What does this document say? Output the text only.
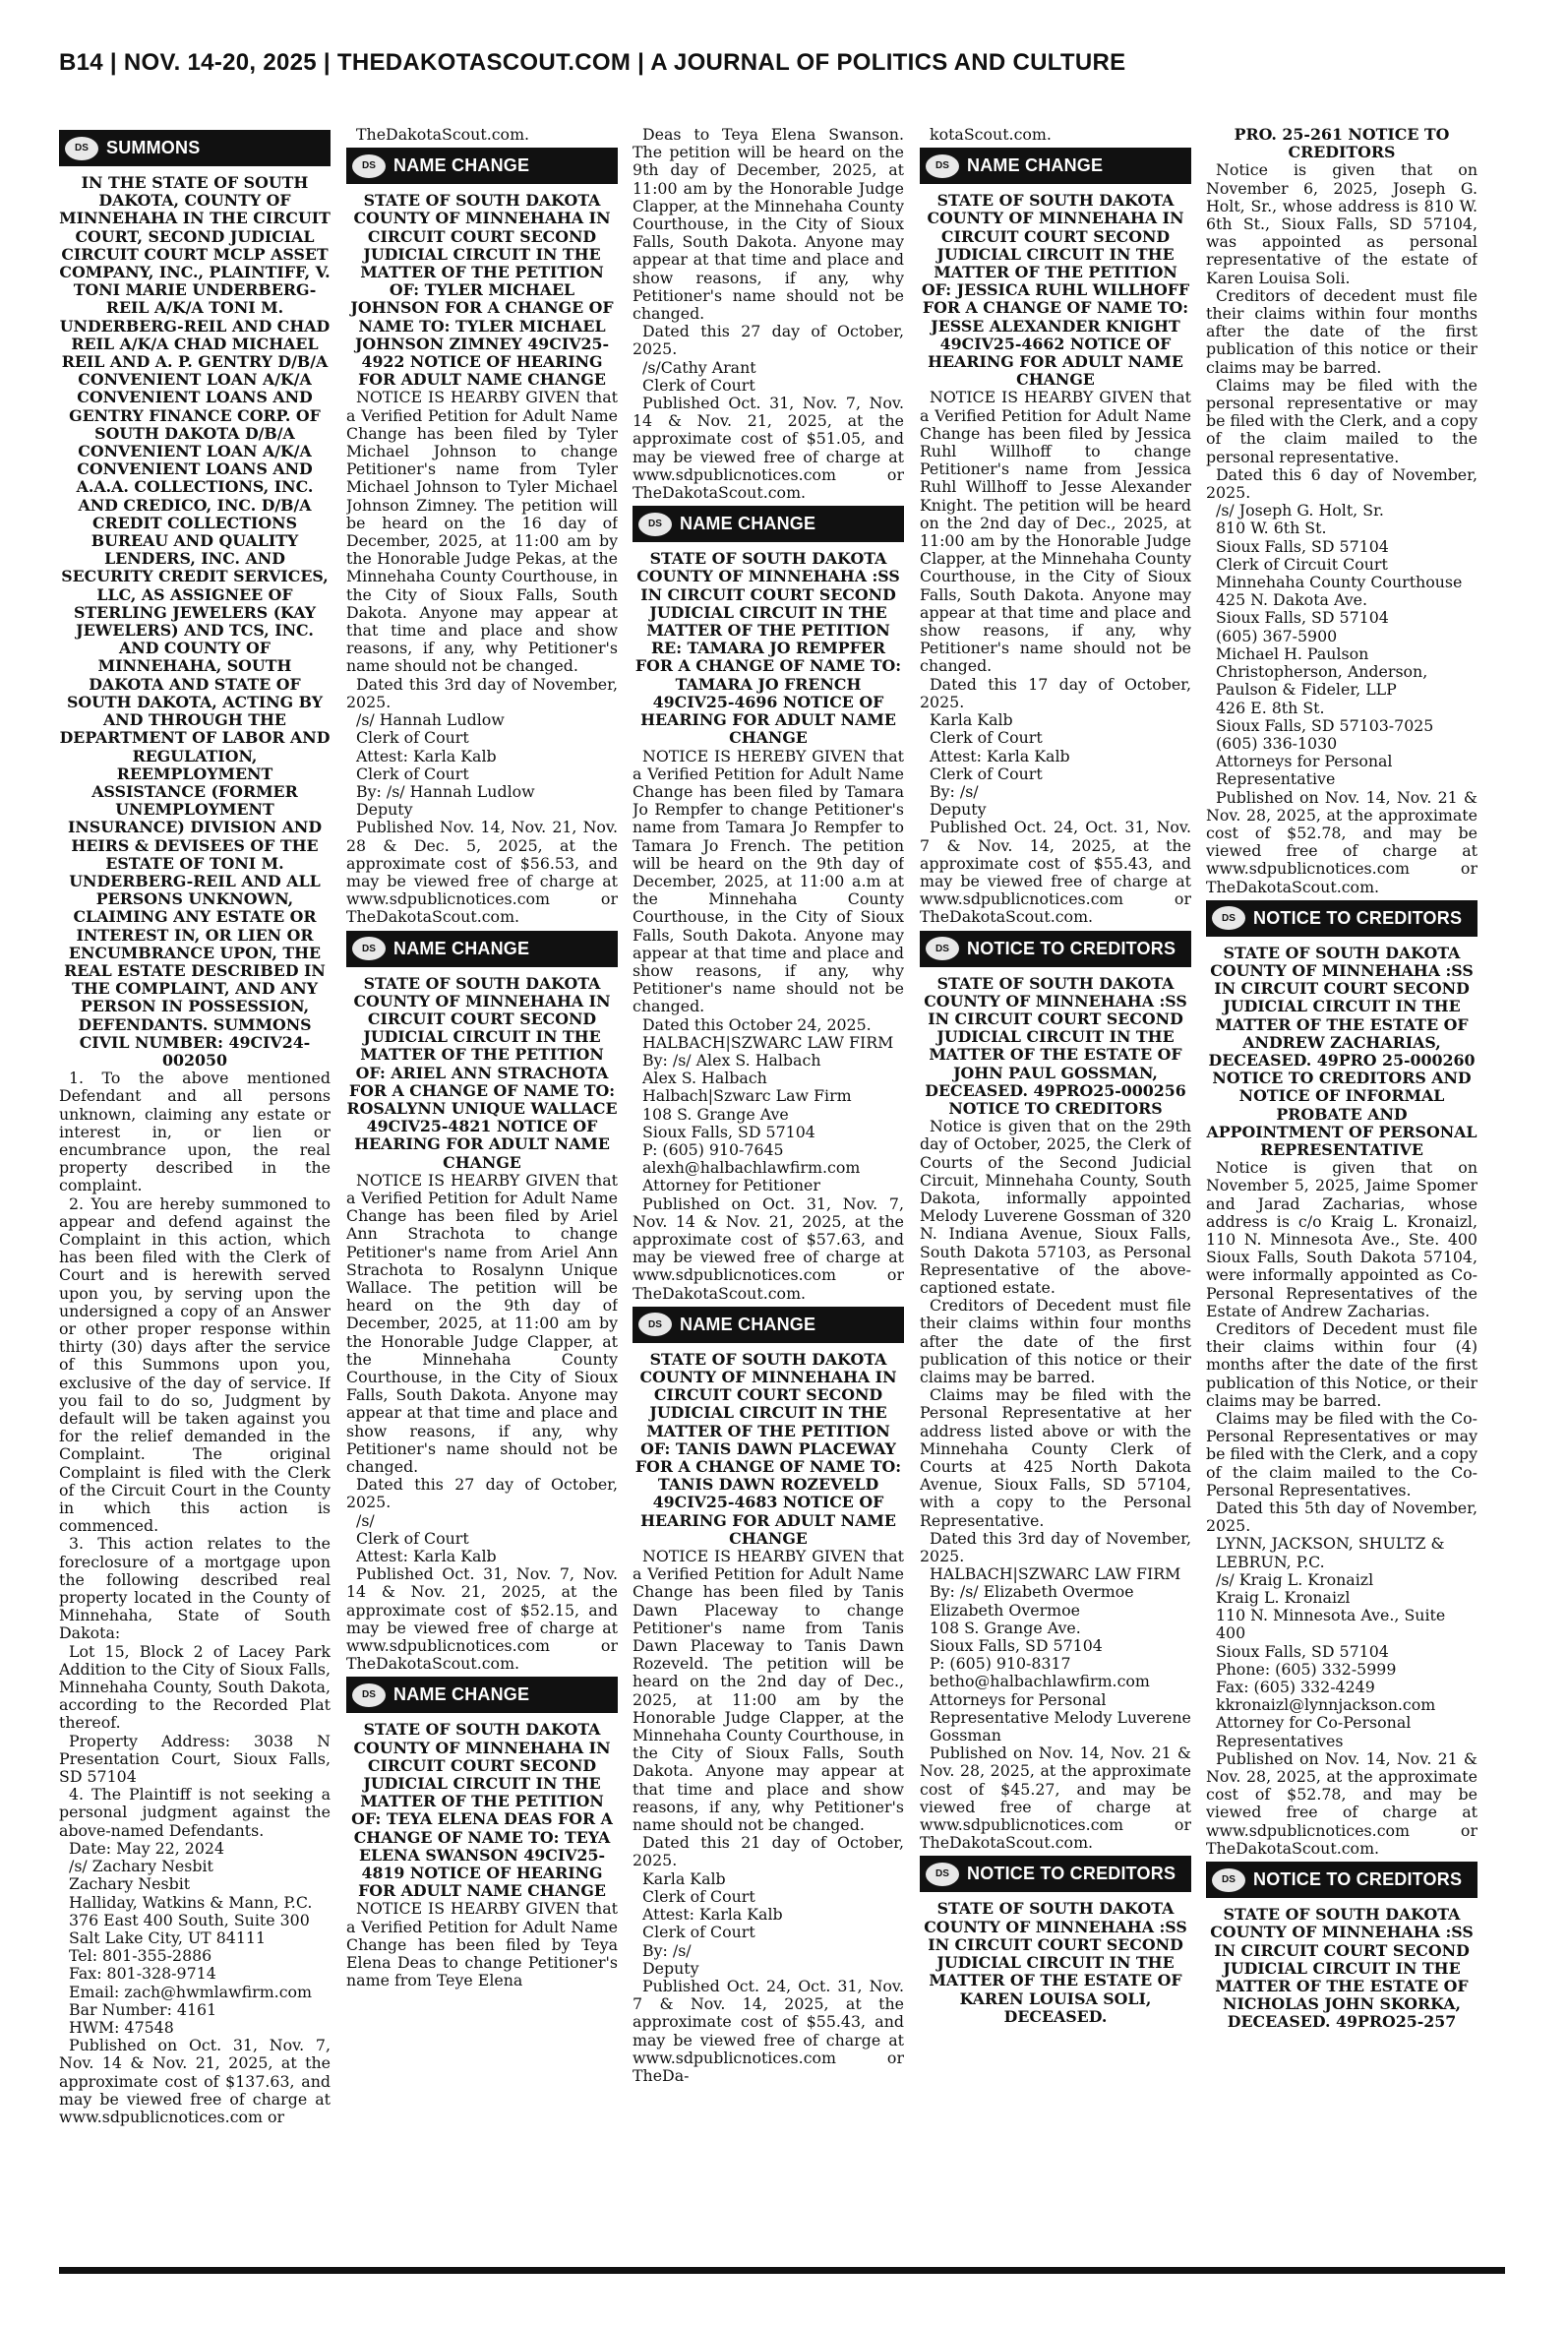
B14 | NOV. 14-20, 2025 | THEDAKOTASCOUT.COM | A JOURNAL OF POLITICS AND CULTURE
DS	SUMMONS
IN THE STATE OF SOUTH DAKOTA, COUNTY OF MINNEHAHA IN THE CIRCUIT COURT, SECOND JUDICIAL CIRCUIT COURT MCLP ASSET COMPANY, INC., PLAINTIFF, V. TONI MARIE UNDERBERG-REIL A/K/A TONI M. UNDERBERG-REIL AND CHAD REIL A/K/A CHAD MICHAEL REIL AND A. P. GENTRY D/B/A CONVENIENT LOAN A/K/A CONVENIENT LOANS AND GENTRY FINANCE CORP. OF SOUTH DAKOTA D/B/A CONVENIENT LOAN A/K/A CONVENIENT LOANS AND A.A.A. COLLECTIONS, INC. AND CREDICO, INC. D/B/A CREDIT COLLECTIONS BUREAU AND QUALITY LENDERS, INC. AND SECURITY CREDIT SERVICES, LLC, AS ASSIGNEE OF STERLING JEWELERS (KAY JEWELERS) AND TCS, INC. AND COUNTY OF MINNEHAHA, SOUTH DAKOTA AND STATE OF SOUTH DAKOTA, ACTING BY AND THROUGH THE DEPARTMENT OF LABOR AND REGULATION, REEMPLOYMENT ASSISTANCE (FORMER UNEMPLOYMENT INSURANCE) DIVISION AND HEIRS & DEVISEES OF THE ESTATE OF TONI M. UNDERBERG-REIL AND ALL PERSONS UNKNOWN, CLAIMING ANY ESTATE OR INTEREST IN, OR LIEN OR ENCUMBRANCE UPON, THE REAL ESTATE DESCRIBED IN THE COMPLAINT, AND ANY PERSON IN POSSESSION, DEFENDANTS. SUMMONS CIVIL NUMBER: 49CIV24-002050
1. To the above mentioned Defendant and all persons unknown, claiming any estate or interest in, or lien or encumbrance upon, the real property described in the complaint.
2. You are hereby summoned to appear and defend against the Complaint in this action, which has been filed with the Clerk of Court and is herewith served upon you, by serving upon the undersigned a copy of an Answer or other proper response within thirty (30) days after the service of this Summons upon you, exclusive of the day of service. If you fail to do so, Judgment by default will be taken against you for the relief demanded in the Complaint. The original Complaint is filed with the Clerk of the Circuit Court in the County in which this action is commenced.
3. This action relates to the foreclosure of a mortgage upon the following described real property located in the County of Minnehaha, State of South Dakota:
Lot 15, Block 2 of Lacey Park Addition to the City of Sioux Falls, Minnehaha County, South Dakota, according to the Recorded Plat thereof.
Property Address: 3038 N Presentation Court, Sioux Falls, SD 57104
4. The Plaintiff is not seeking a personal judgment against the above-named Defendants.
Date: May 22, 2024
/s/ Zachary Nesbit
Zachary Nesbit
Halliday, Watkins & Mann, P.C.
376 East 400 South, Suite 300
Salt Lake City, UT 84111
Tel: 801-355-2886
Fax: 801-328-9714
Email: zach@hwmlawfirm.com
Bar Number: 4161
HWM: 47548
Published on Oct. 31, Nov. 7, Nov. 14 & Nov. 21, 2025, at the approximate cost of $137.63, and may be viewed free of charge at www.sdpublicnotices.com or
TheDakotaScout.com.
DS	NAME CHANGE
STATE OF SOUTH DAKOTA COUNTY OF MINNEHAHA IN CIRCUIT COURT SECOND JUDICIAL CIRCUIT IN THE MATTER OF THE PETITION OF: TYLER MICHAEL JOHNSON FOR A CHANGE OF NAME TO: TYLER MICHAEL JOHNSON ZIMNEY 49CIV25-4922 NOTICE OF HEARING FOR ADULT NAME CHANGE
NOTICE IS HEARBY GIVEN that a Verified Petition for Adult Name Change has been filed by Tyler Michael Johnson to change Petitioner's name from Tyler Michael Johnson to Tyler Michael Johnson Zimney. The petition will be heard on the 16 day of December, 2025, at 11:00 am by the Honorable Judge Pekas, at the Minnehaha County Courthouse, in the City of Sioux Falls, South Dakota. Anyone may appear at that time and place and show reasons, if any, why Petitioner's name should not be changed.
Dated this 3rd day of November, 2025.
/s/ Hannah Ludlow
Clerk of Court
Attest: Karla Kalb
Clerk of Court
By: /s/ Hannah Ludlow
Deputy
Published Nov. 14, Nov. 21, Nov. 28 & Dec. 5, 2025, at the approximate cost of $56.53, and may be viewed free of charge at www.sdpublicnotices.com or TheDakotaScout.com.
DS	NAME CHANGE
STATE OF SOUTH DAKOTA COUNTY OF MINNEHAHA IN CIRCUIT COURT SECOND JUDICIAL CIRCUIT IN THE MATTER OF THE PETITION OF: ARIEL ANN STRACHOTA FOR A CHANGE OF NAME TO: ROSALYNN UNIQUE WALLACE 49CIV25-4821 NOTICE OF HEARING FOR ADULT NAME CHANGE
NOTICE IS HEARBY GIVEN that a Verified Petition for Adult Name Change has been filed by Ariel Ann Strachota to change Petitioner's name from Ariel Ann Strachota to Rosalynn Unique Wallace. The petition will be heard on the 9th day of December, 2025, at 11:00 am by the Honorable Judge Clapper, at the Minnehaha County Courthouse, in the City of Sioux Falls, South Dakota. Anyone may appear at that time and place and show reasons, if any, why Petitioner's name should not be changed.
Dated this 27 day of October, 2025.
/s/
Clerk of Court
Attest: Karla Kalb
Published Oct. 31, Nov. 7, Nov. 14 & Nov. 21, 2025, at the approximate cost of $52.15, and may be viewed free of charge at www.sdpublicnotices.com or TheDakotaScout.com.
DS	NAME CHANGE
STATE OF SOUTH DAKOTA COUNTY OF MINNEHAHA IN CIRCUIT COURT SECOND JUDICIAL CIRCUIT IN THE MATTER OF THE PETITION OF: TEYA ELENA DEAS FOR A CHANGE OF NAME TO: TEYA ELENA SWANSON 49CIV25-4819 NOTICE OF HEARING FOR ADULT NAME CHANGE
NOTICE IS HEARBY GIVEN that a Verified Petition for Adult Name Change has been filed by Teya Elena Deas to change Petitioner's name from Teye Elena
Deas to Teya Elena Swanson. The petition will be heard on the 9th day of December, 2025, at 11:00 am by the Honorable Judge Clapper, at the Minnehaha County Courthouse, in the City of Sioux Falls, South Dakota. Anyone may appear at that time and place and show reasons, if any, why Petitioner's name should not be changed.
Dated this 27 day of October, 2025.
/s/Cathy Arant
Clerk of Court
Published Oct. 31, Nov. 7, Nov. 14 & Nov. 21, 2025, at the approximate cost of $51.05, and may be viewed free of charge at www.sdpublicnotices.com or TheDakotaScout.com.
DS	NAME CHANGE
STATE OF SOUTH DAKOTA COUNTY OF MINNEHAHA :SS IN CIRCUIT COURT SECOND JUDICIAL CIRCUIT IN THE MATTER OF THE PETITION RE: TAMARA JO REMPFER FOR A CHANGE OF NAME TO: TAMARA JO FRENCH 49CIV25-4696 NOTICE OF HEARING FOR ADULT NAME CHANGE
NOTICE IS HEREBY GIVEN that a Verified Petition for Adult Name Change has been filed by Tamara Jo Rempfer to change Petitioner's name from Tamara Jo Rempfer to Tamara Jo French. The petition will be heard on the 9th day of December, 2025, at 11:00 a.m at the Minnehaha County Courthouse, in the City of Sioux Falls, South Dakota. Anyone may appear at that time and place and show reasons, if any, why Petitioner's name should not be changed.
Dated this October 24, 2025.
HALBACH|SZWARC LAW FIRM
By: /s/ Alex S. Halbach
Alex S. Halbach
Halbach|Szwarc Law Firm
108 S. Grange Ave
Sioux Falls, SD 57104
P: (605) 910-7645
alexh@halbachlawfirm.com
Attorney for Petitioner
Published on Oct. 31, Nov. 7, Nov. 14 & Nov. 21, 2025, at the approximate cost of $57.63, and may be viewed free of charge at www.sdpublicnotices.com or TheDakotaScout.com.
DS	NAME CHANGE
STATE OF SOUTH DAKOTA COUNTY OF MINNEHAHA IN CIRCUIT COURT SECOND JUDICIAL CIRCUIT IN THE MATTER OF THE PETITION OF: TANIS DAWN PLACEWAY FOR A CHANGE OF NAME TO: TANIS DAWN ROZEVELD 49CIV25-4683 NOTICE OF HEARING FOR ADULT NAME CHANGE
NOTICE IS HEARBY GIVEN that a Verified Petition for Adult Name Change has been filed by Tanis Dawn Placeway to change Petitioner's name from Tanis Dawn Placeway to Tanis Dawn Rozeveld. The petition will be heard on the 2nd day of Dec., 2025, at 11:00 am by the Honorable Judge Clapper, at the Minnehaha County Courthouse, in the City of Sioux Falls, South Dakota. Anyone may appear at that time and place and show reasons, if any, why Petitioner's name should not be changed.
Dated this 21 day of October, 2025.
Karla Kalb
Clerk of Court
Attest: Karla Kalb
Clerk of Court
By: /s/
Deputy
Published Oct. 24, Oct. 31, Nov. 7 & Nov. 14, 2025, at the approximate cost of $55.43, and may be viewed free of charge at www.sdpublicnotices.com or TheDa-
kotaScout.com.
DS	NAME CHANGE
STATE OF SOUTH DAKOTA COUNTY OF MINNEHAHA IN CIRCUIT COURT SECOND JUDICIAL CIRCUIT IN THE MATTER OF THE PETITION OF: JESSICA RUHL WILLHOFF FOR A CHANGE OF NAME TO: JESSE ALEXANDER KNIGHT 49CIV25-4662 NOTICE OF HEARING FOR ADULT NAME CHANGE
NOTICE IS HEARBY GIVEN that a Verified Petition for Adult Name Change has been filed by Jessica Ruhl Willhoff to change Petitioner's name from Jessica Ruhl Willhoff to Jesse Alexander Knight. The petition will be heard on the 2nd day of Dec., 2025, at 11:00 am by the Honorable Judge Clapper, at the Minnehaha County Courthouse, in the City of Sioux Falls, South Dakota. Anyone may appear at that time and place and show reasons, if any, why Petitioner's name should not be changed.
Dated this 17 day of October, 2025.
Karla Kalb
Clerk of Court
Attest: Karla Kalb
Clerk of Court
By: /s/
Deputy
Published Oct. 24, Oct. 31, Nov. 7 & Nov. 14, 2025, at the approximate cost of $55.43, and may be viewed free of charge at www.sdpublicnotices.com or TheDakotaScout.com.
DS	NOTICE TO CREDITORS
STATE OF SOUTH DAKOTA COUNTY OF MINNEHAHA :SS IN CIRCUIT COURT SECOND JUDICIAL CIRCUIT IN THE MATTER OF THE ESTATE OF JOHN PAUL GOSSMAN, DECEASED. 49PRO25-000256 NOTICE TO CREDITORS
Notice is given that on the 29th day of October, 2025, the Clerk of Courts of the Second Judicial Circuit, Minnehaha County, South Dakota, informally appointed Melody Luverene Gossman of 320 N. Indiana Avenue, Sioux Falls, South Dakota 57103, as Personal Representative of the above-captioned estate.
Creditors of Decedent must file their claims within four months after the date of the first publication of this notice or their claims may be barred.
Claims may be filed with the Personal Representative at her address listed above or with the Minnehaha County Clerk of Courts at 425 North Dakota Avenue, Sioux Falls, SD 57104, with a copy to the Personal Representative.
Dated this 3rd day of November, 2025.
HALBACH|SZWARC LAW FIRM
By: /s/ Elizabeth Overmoe
Elizabeth Overmoe
108 S. Grange Ave.
Sioux Falls, SD 57104
P: (605) 910-8317
betho@halbachlawfirm.com
Attorneys for Personal Representative Melody Luverene Gossman
Published on Nov. 14, Nov. 21 & Nov. 28, 2025, at the approximate cost of $45.27, and may be viewed free of charge at www.sdpublicnotices.com or TheDakotaScout.com.
DS	NOTICE TO CREDITORS
STATE OF SOUTH DAKOTA COUNTY OF MINNEHAHA :SS IN CIRCUIT COURT SECOND JUDICIAL CIRCUIT IN THE MATTER OF THE ESTATE OF KAREN LOUISA SOLI, DECEASED.
PRO. 25-261 NOTICE TO CREDITORS
Notice is given that on November 6, 2025, Joseph G. Holt, Sr., whose address is 810 W. 6th St., Sioux Falls, SD 57104, was appointed as personal representative of the estate of Karen Louisa Soli.
Creditors of decedent must file their claims within four months after the date of the first publication of this notice or their claims may be barred.
Claims may be filed with the personal representative or may be filed with the Clerk, and a copy of the claim mailed to the personal representative.
Dated this 6 day of November, 2025.
/s/ Joseph G. Holt, Sr.
810 W. 6th St.
Sioux Falls, SD 57104
Clerk of Circuit Court
Minnehaha County Courthouse
425 N. Dakota Ave.
Sioux Falls, SD 57104
(605) 367-5900
Michael H. Paulson
Christopherson, Anderson, Paulson & Fideler, LLP
426 E. 8th St.
Sioux Falls, SD 57103-7025
(605) 336-1030
Attorneys for Personal Representative
Published on Nov. 14, Nov. 21 & Nov. 28, 2025, at the approximate cost of $52.78, and may be viewed free of charge at www.sdpublicnotices.com or TheDakotaScout.com.
DS	NOTICE TO CREDITORS
STATE OF SOUTH DAKOTA COUNTY OF MINNEHAHA :SS IN CIRCUIT COURT SECOND JUDICIAL CIRCUIT IN THE MATTER OF THE ESTATE OF ANDREW ZACHARIAS, DECEASED. 49PRO 25-000260 NOTICE TO CREDITORS AND NOTICE OF INFORMAL PROBATE AND APPOINTMENT OF PERSONAL REPRESENTATIVE
Notice is given that on November 5, 2025, Jaime Spomer and Jarad Zacharias, whose address is c/o Kraig L. Kronaizl, 110 N. Minnesota Ave., Ste. 400 Sioux Falls, South Dakota 57104, were informally appointed as Co-Personal Representatives of the Estate of Andrew Zacharias.
Creditors of Decedent must file their claims within four (4) months after the date of the first publication of this Notice, or their claims may be barred.
Claims may be filed with the Co-Personal Representatives or may be filed with the Clerk, and a copy of the claim mailed to the Co-Personal Representatives.
Dated this 5th day of November, 2025.
LYNN, JACKSON, SHULTZ & LEBRUN, P.C.
/s/ Kraig L. Kronaizl
Kraig L. Kronaizl
110 N. Minnesota Ave., Suite 400
Sioux Falls, SD 57104
Phone: (605) 332-5999
Fax: (605) 332-4249
kkronaizl@lynnjackson.com
Attorney for Co-Personal Representatives
Published on Nov. 14, Nov. 21 & Nov. 28, 2025, at the approximate cost of $52.78, and may be viewed free of charge at www.sdpublicnotices.com or TheDakotaScout.com.
DS	NOTICE TO CREDITORS
STATE OF SOUTH DAKOTA COUNTY OF MINNEHAHA :SS IN CIRCUIT COURT SECOND JUDICIAL CIRCUIT IN THE MATTER OF THE ESTATE OF NICHOLAS JOHN SKORKA, DECEASED. 49PRO25-257
